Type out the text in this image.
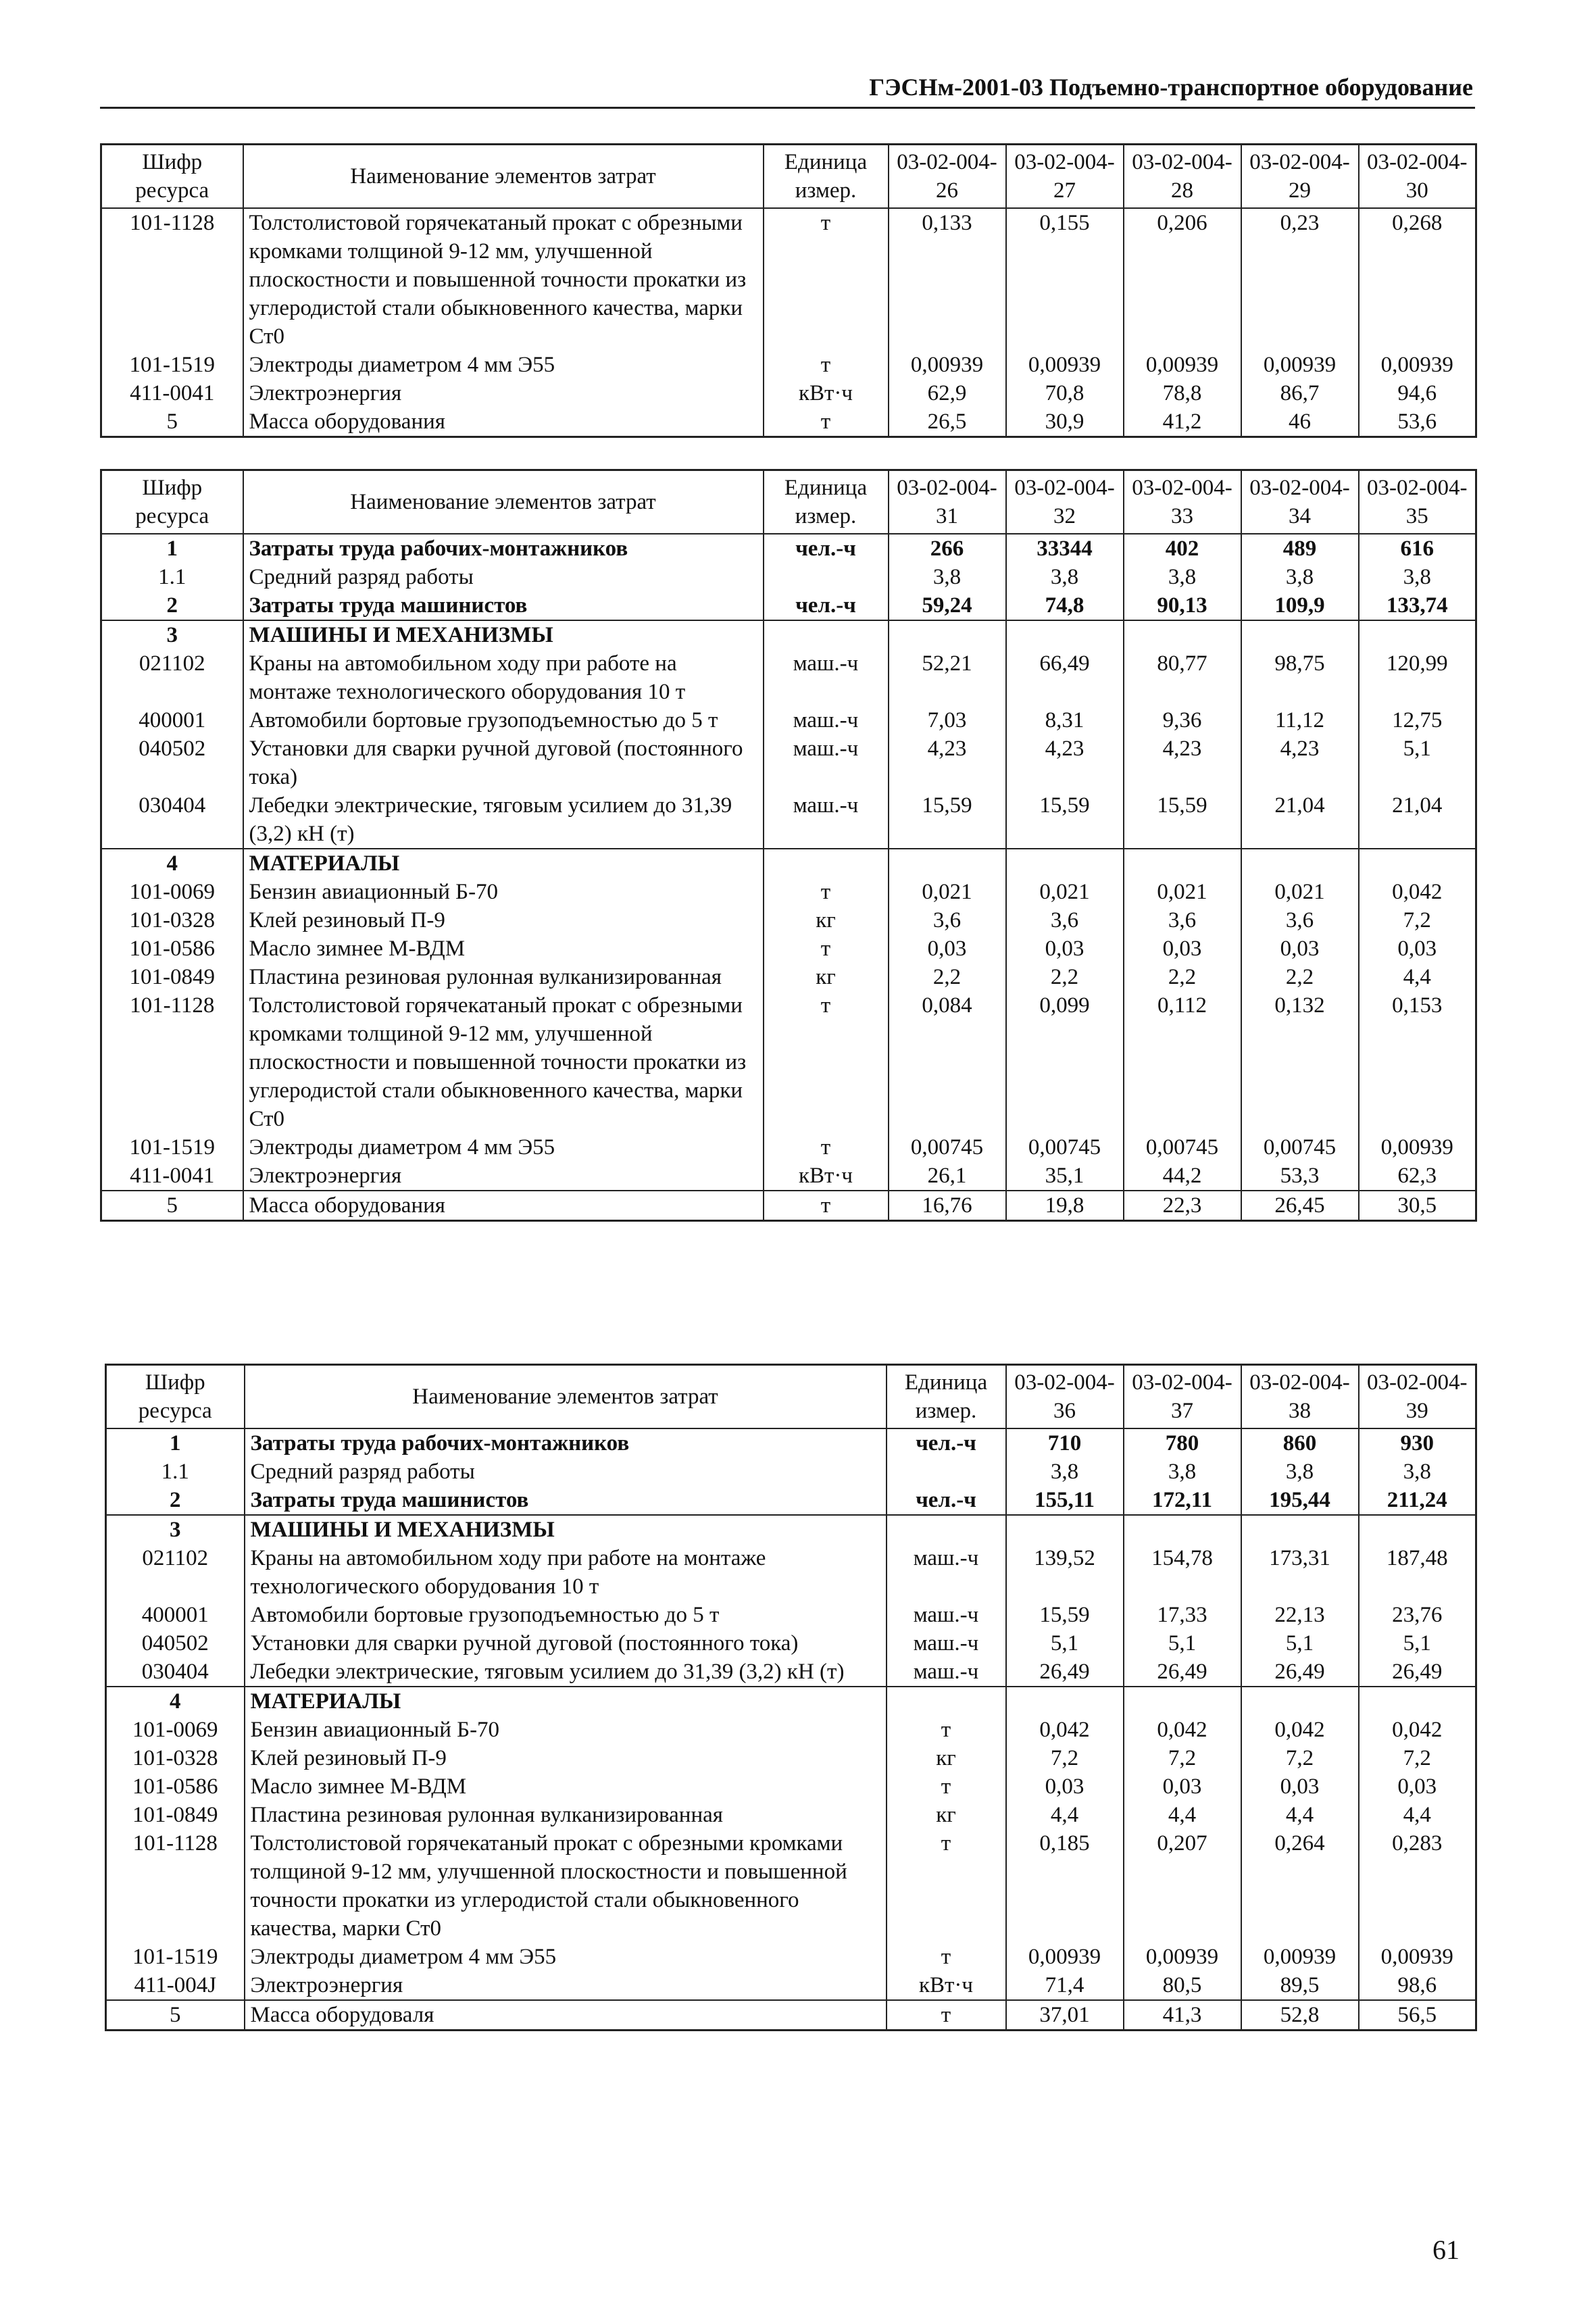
ГЭСНм-2001-03 Подъемно-транспортное оборудование
Шифр ресурса	Наименование элементов затрат	Единица измер.	03-02-004-26	03-02-004-27	03-02-004-28	03-02-004-29	03-02-004-30
101-1128	Толстолистовой горячекатаный прокат с обрезными кромками толщиной 9-12 мм, улучшенной плоскостности и повышенной точности прокатки из углеродистой стали обыкновенного качества, марки Ст0	т	0,133	0,155	0,206	0,23	0,268
101-1519	Электроды диаметром 4 мм Э55	т	0,00939	0,00939	0,00939	0,00939	0,00939
411-0041	Электроэнергия	кВт·ч	62,9	70,8	78,8	86,7	94,6
5	Масса оборудования	т	26,5	30,9	41,2	46	53,6
Шифр ресурса	Наименование элементов затрат	Единица измер.	03-02-004-31	03-02-004-32	03-02-004-33	03-02-004-34	03-02-004-35
1	Затраты труда рабочих-монтажников	чел.-ч	266	33344	402	489	616
1.1	Средний разряд работы		3,8	3,8	3,8	3,8	3,8
2	Затраты труда машинистов	чел.-ч	59,24	74,8	90,13	109,9	133,74
3	МАШИНЫ И МЕХАНИЗМЫ						
021102	Краны на автомобильном ходу при работе на монтаже технологического оборудования 10 т	маш.-ч	52,21	66,49	80,77	98,75	120,99
400001	Автомобили бортовые грузоподъемностью до 5 т	маш.-ч	7,03	8,31	9,36	11,12	12,75
040502	Установки для сварки ручной дуговой (постоянного тока)	маш.-ч	4,23	4,23	4,23	4,23	5,1
030404	Лебедки электрические, тяговым усилием до 31,39 (3,2) кН (т)	маш.-ч	15,59	15,59	15,59	21,04	21,04
4	МАТЕРИАЛЫ						
101-0069	Бензин авиационный Б-70	т	0,021	0,021	0,021	0,021	0,042
101-0328	Клей резиновый П-9	кг	3,6	3,6	3,6	3,6	7,2
101-0586	Масло зимнее М-ВДМ	т	0,03	0,03	0,03	0,03	0,03
101-0849	Пластина резиновая рулонная вулканизированная	кг	2,2	2,2	2,2	2,2	4,4
101-1128	Толстолистовой горячекатаный прокат с обрезными кромками толщиной 9-12 мм, улучшенной плоскостности и повышенной точности прокатки из углеродистой стали обыкновенного качества, марки Ст0	т	0,084	0,099	0,112	0,132	0,153
101-1519	Электроды диаметром 4 мм Э55	т	0,00745	0,00745	0,00745	0,00745	0,00939
411-0041	Электроэнергия	кВт·ч	26,1	35,1	44,2	53,3	62,3
5	Масса оборудования	т	16,76	19,8	22,3	26,45	30,5
Шифр ресурса	Наименование элементов затрат	Единица измер.	03-02-004-36	03-02-004-37	03-02-004-38	03-02-004-39
1	Затраты труда рабочих-монтажников	чел.-ч	710	780	860	930
1.1	Средний разряд работы		3,8	3,8	3,8	3,8
2	Затраты труда машинистов	чел.-ч	155,11	172,11	195,44	211,24
3	МАШИНЫ И МЕХАНИЗМЫ					
021102	Краны на автомобильном ходу при работе на монтаже технологического оборудования 10 т	маш.-ч	139,52	154,78	173,31	187,48
400001	Автомобили бортовые грузоподъемностью до 5 т	маш.-ч	15,59	17,33	22,13	23,76
040502	Установки для сварки ручной дуговой (постоянного тока)	маш.-ч	5,1	5,1	5,1	5,1
030404	Лебедки электрические, тяговым усилием до 31,39 (3,2) кН (т)	маш.-ч	26,49	26,49	26,49	26,49
4	МАТЕРИАЛЫ					
101-0069	Бензин авиационный Б-70	т	0,042	0,042	0,042	0,042
101-0328	Клей резиновый П-9	кг	7,2	7,2	7,2	7,2
101-0586	Масло зимнее М-ВДМ	т	0,03	0,03	0,03	0,03
101-0849	Пластина резиновая рулонная вулканизированная	кг	4,4	4,4	4,4	4,4
101-1128	Толстолистовой горячекатаный прокат с обрезными кромками толщиной 9-12 мм, улучшенной плоскостности и повышенной точности прокатки из углеродистой стали обыкновенного качества, марки Ст0	т	0,185	0,207	0,264	0,283
101-1519	Электроды диаметром 4 мм Э55	т	0,00939	0,00939	0,00939	0,00939
411-004J	Электроэнергия	кВт·ч	71,4	80,5	89,5	98,6
5	Масса оборудоваля	т	37,01	41,3	52,8	56,5
61
